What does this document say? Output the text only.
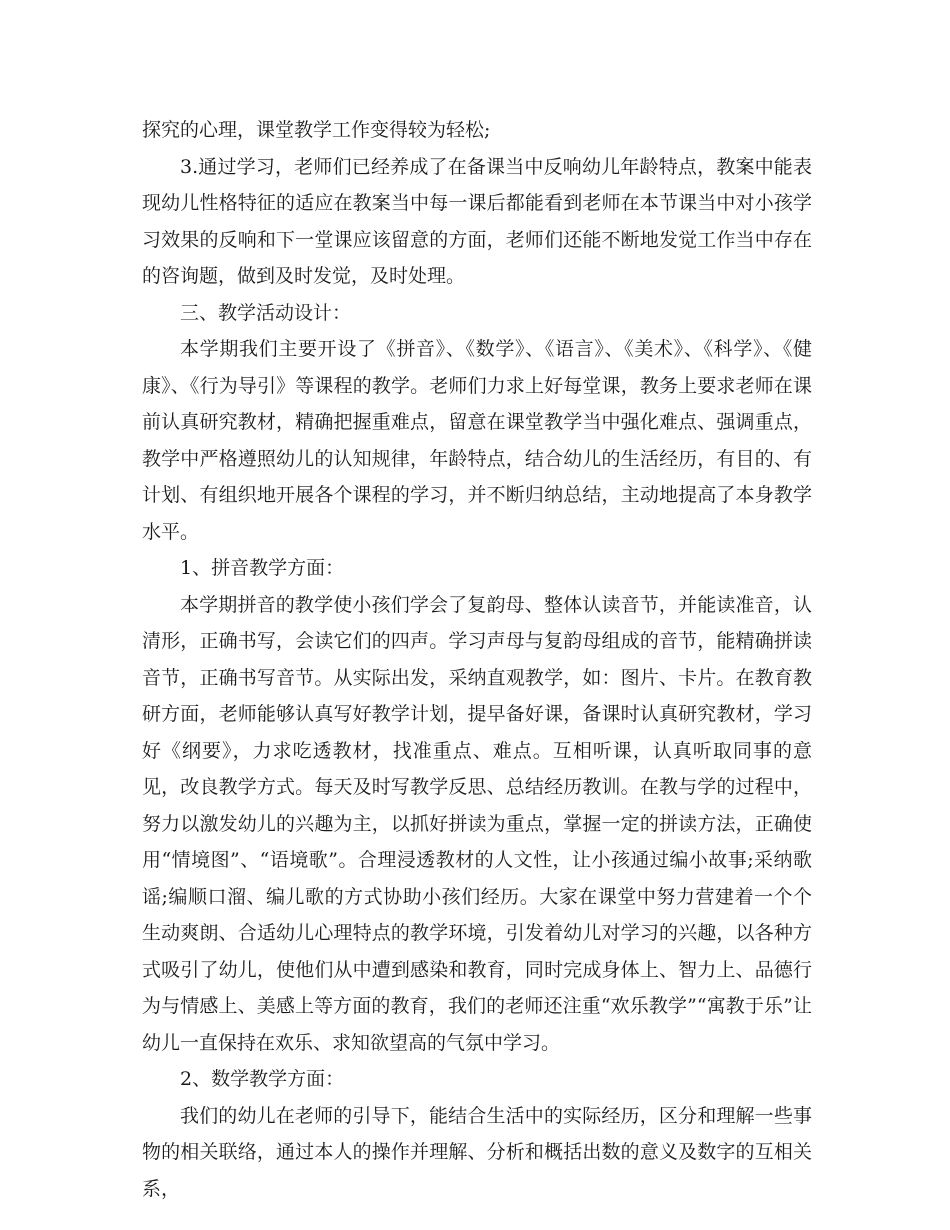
探究的心理，课堂教学工作变得较为轻松;

3.通过学习，老师们已经养成了在备课当中反响幼儿年龄特点，教案中能表现幼儿性格特征的适应在教案当中每一课后都能看到老师在本节课当中对小孩学习效果的反响和下一堂课应该留意的方面，老师们还能不断地发觉工作当中存在的咨询题，做到及时发觉，及时处理。

三、教学活动设计：

本学期我们主要开设了《拼音》、《数学》、《语言》、《美术》、《科学》、《健康》、《行为导引》等课程的教学。老师们力求上好每堂课，教务上要求老师在课前认真研究教材，精确把握重难点，留意在课堂教学当中强化难点、强调重点，教学中严格遵照幼儿的认知规律，年龄特点，结合幼儿的生活经历，有目的、有计划、有组织地开展各个课程的学习，并不断归纳总结，主动地提高了本身教学水平。

1、拼音教学方面：

本学期拼音的教学使小孩们学会了复韵母、整体认读音节，并能读准音，认清形，正确书写，会读它们的四声。学习声母与复韵母组成的音节，能精确拼读音节，正确书写音节。从实际出发，采纳直观教学，如：图片、卡片。在教育教研方面，老师能够认真写好教学计划，提早备好课，备课时认真研究教材，学习好《纲要》，力求吃透教材，找准重点、难点。互相听课，认真听取同事的意见，改良教学方式。每天及时写教学反思、总结经历教训。在教与学的过程中，努力以激发幼儿的兴趣为主，以抓好拼读为重点，掌握一定的拼读方法，正确使用“情境图”、“语境歌”。合理浸透教材的人文性，让小孩通过编小故事;采纳歌谣;编顺口溜、编儿歌的方式协助小孩们经历。大家在课堂中努力营建着一个个生动爽朗、合适幼儿心理特点的教学环境，引发着幼儿对学习的兴趣，以各种方式吸引了幼儿，使他们从中遭到感染和教育，同时完成身体上、智力上、品德行为与情感上、美感上等方面的教育，我们的老师还注重“欢乐教学”“寓教于乐”让幼儿一直保持在欢乐、求知欲望高的气氛中学习。

2、数学教学方面：

我们的幼儿在老师的引导下，能结合生活中的实际经历，区分和理解一些事物的相关联络，通过本人的操作并理解、分析和概括出数的意义及数字的互相关系，
